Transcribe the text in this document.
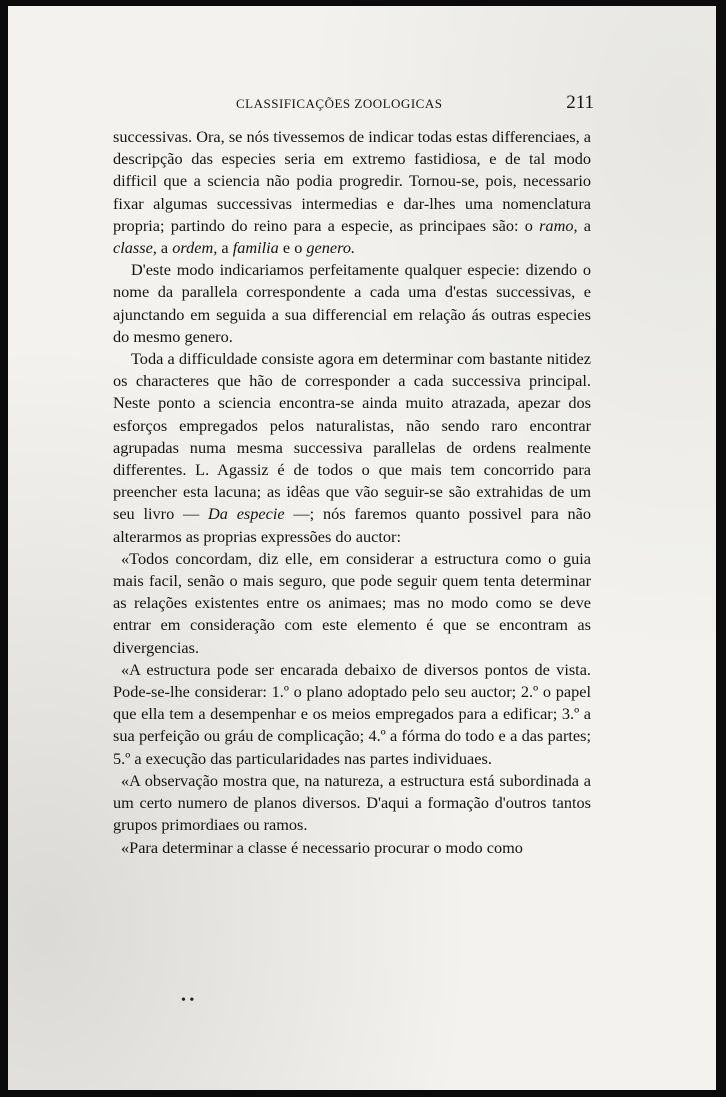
CLASSIFICAÇÕES ZOOLOGICAS	211

successivas. Ora, se nós tivessemos de indicar todas estas differenciaes, a descripção das especies seria em extremo fastidiosa, e de tal modo difficil que a sciencia não podia progredir. Tornou-se, pois, necessario fixar algumas successivas intermedias e dar-lhes uma nomenclatura propria; partindo do reino para a especie, as principaes são: o ramo, a classe, a ordem, a familia e o genero.

D'este modo indicariamos perfeitamente qualquer especie: dizendo o nome da parallela correspondente a cada uma d'estas successivas, e ajunctando em seguida a sua differencial em relação ás outras especies do mesmo genero.

Toda a difficuldade consiste agora em determinar com bastante nitidez os characteres que hão de corresponder a cada successiva principal. Neste ponto a sciencia encontra-se ainda muito atrazada, apezar dos esforços empregados pelos naturalistas, não sendo raro encontrar agrupadas numa mesma successiva parallelas de ordens realmente differentes. L. Agassiz é de todos o que mais tem concorrido para preencher esta lacuna; as idêas que vão seguir-se são extrahidas de um seu livro — Da especie —; nós faremos quanto possivel para não alterarmos as proprias expressões do auctor:

«Todos concordam, diz elle, em considerar a estructura como o guia mais facil, senão o mais seguro, que pode seguir quem tenta determinar as relações existentes entre os animaes; mas no modo como se deve entrar em consideração com este elemento é que se encontram as divergencias.

«A estructura pode ser encarada debaixo de diversos pontos de vista. Pode-se-lhe considerar: 1.º o plano adoptado pelo seu auctor; 2.º o papel que ella tem a desempenhar e os meios empregados para a edificar; 3.º a sua perfeição ou gráu de complicação; 4.º a fórma do todo e a das partes; 5.º a execução das particularidades nas partes individuaes.

«A observação mostra que, na natureza, a estructura está subordinada a um certo numero de planos diversos. D'aqui a formação d'outros tantos grupos primordiaes ou ramos.

«Para determinar a classe é necessario procurar o modo como

• •
